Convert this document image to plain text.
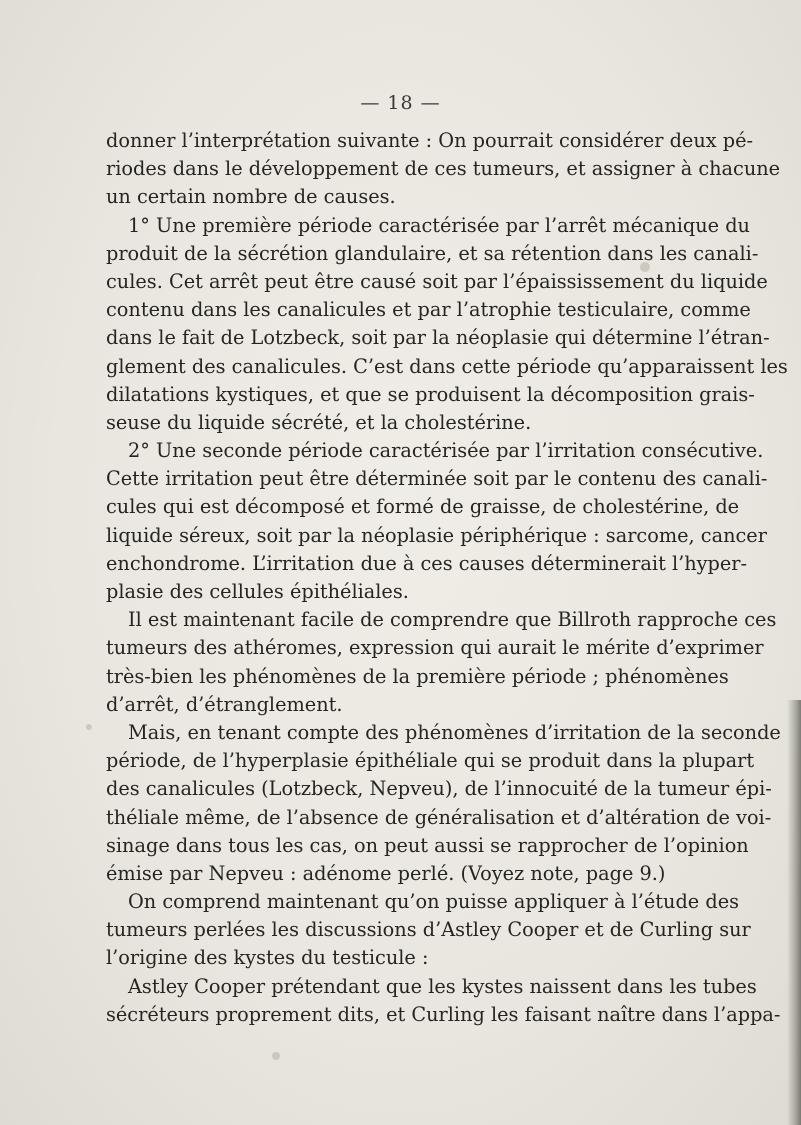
— 18 —
donner l’interprétation suivante : On pourrait considérer deux pé-
riodes dans le développement de ces tumeurs, et assigner à chacune
un certain nombre de causes.
1° Une première période caractérisée par l’arrêt mécanique du
produit de la sécrétion glandulaire, et sa rétention dans les canali-
cules. Cet arrêt peut être causé soit par l’épaississement du liquide
contenu dans les canalicules et par l’atrophie testiculaire, comme
dans le fait de Lotzbeck, soit par la néoplasie qui détermine l’étran-
glement des canalicules. C’est dans cette période qu’apparaissent les
dilatations kystiques, et que se produisent la décomposition grais-
seuse du liquide sécrété, et la cholestérine.
2° Une seconde période caractérisée par l’irritation consécutive.
Cette irritation peut être déterminée soit par le contenu des canali-
cules qui est décomposé et formé de graisse, de cholestérine, de
liquide séreux, soit par la néoplasie périphérique : sarcome, cancer
enchondrome. L’irritation due à ces causes déterminerait l’hyper-
plasie des cellules épithéliales.
Il est maintenant facile de comprendre que Billroth rapproche ces
tumeurs des athéromes, expression qui aurait le mérite d’exprimer
très-bien les phénomènes de la première période ; phénomènes
d’arrêt, d’étranglement.
Mais, en tenant compte des phénomènes d’irritation de la seconde
période, de l’hyperplasie épithéliale qui se produit dans la plupart
des canalicules (Lotzbeck, Nepveu), de l’innocuité de la tumeur épi-
théliale même, de l’absence de généralisation et d’altération de voi-
sinage dans tous les cas, on peut aussi se rapprocher de l’opinion
émise par Nepveu : adénome perlé. (Voyez note, page 9.)
On comprend maintenant qu’on puisse appliquer à l’étude des
tumeurs perlées les discussions d’Astley Cooper et de Curling sur
l’origine des kystes du testicule :
Astley Cooper prétendant que les kystes naissent dans les tubes
sécréteurs proprement dits, et Curling les faisant naître dans l’appa-
